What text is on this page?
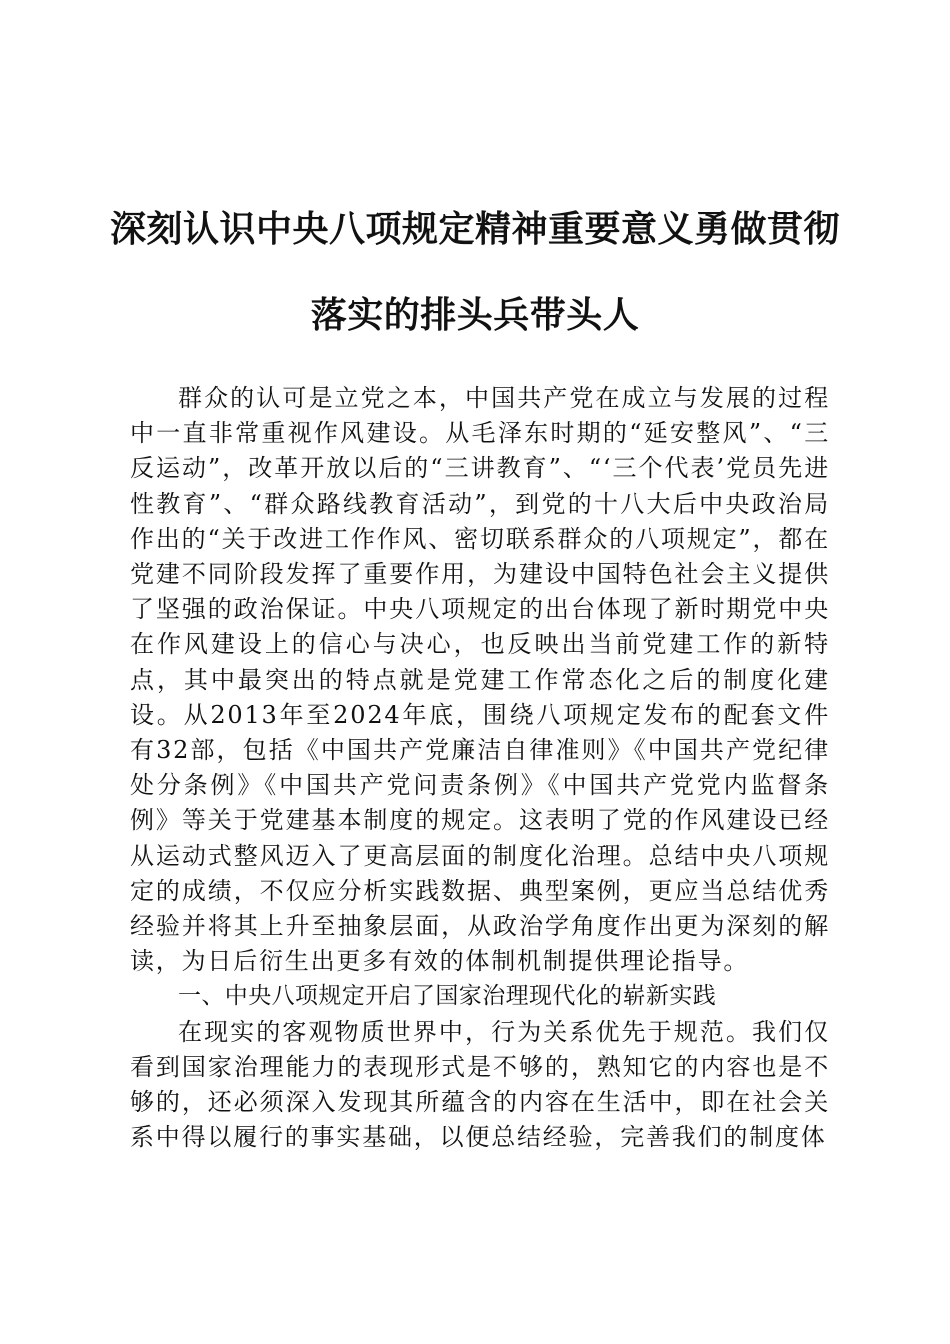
深刻认识中央八项规定精神重要意义勇做贯彻落实的排头兵带头人

群众的认可是立党之本，中国共产党在成立与发展的过程中一直非常重视作风建设。从毛泽东时期的“延安整风”、“三反运动”，改革开放以后的“三讲教育”、“‘三个代表’党员先进性教育”、“群众路线教育活动”，到党的十八大后中央政治局作出的“关于改进工作作风、密切联系群众的八项规定”，都在党建不同阶段发挥了重要作用，为建设中国特色社会主义提供了坚强的政治保证。中央八项规定的出台体现了新时期党中央在作风建设上的信心与决心，也反映出当前党建工作的新特点，其中最突出的特点就是党建工作常态化之后的制度化建设。从2013年至2024年底，围绕八项规定发布的配套文件有32部，包括《中国共产党廉洁自律准则》《中国共产党纪律处分条例》《中国共产党问责条例》《中国共产党党内监督条例》等关于党建基本制度的规定。这表明了党的作风建设已经从运动式整风迈入了更高层面的制度化治理。总结中央八项规定的成绩，不仅应分析实践数据、典型案例，更应当总结优秀经验并将其上升至抽象层面，从政治学角度作出更为深刻的解读，为日后衍生出更多有效的体制机制提供理论指导。

一、中央八项规定开启了国家治理现代化的崭新实践

在现实的客观物质世界中，行为关系优先于规范。我们仅看到国家治理能力的表现形式是不够的，熟知它的内容也是不够的，还必须深入发现其所蕴含的内容在生活中，即在社会关系中得以履行的事实基础，以便总结经验，完善我们的制度体
